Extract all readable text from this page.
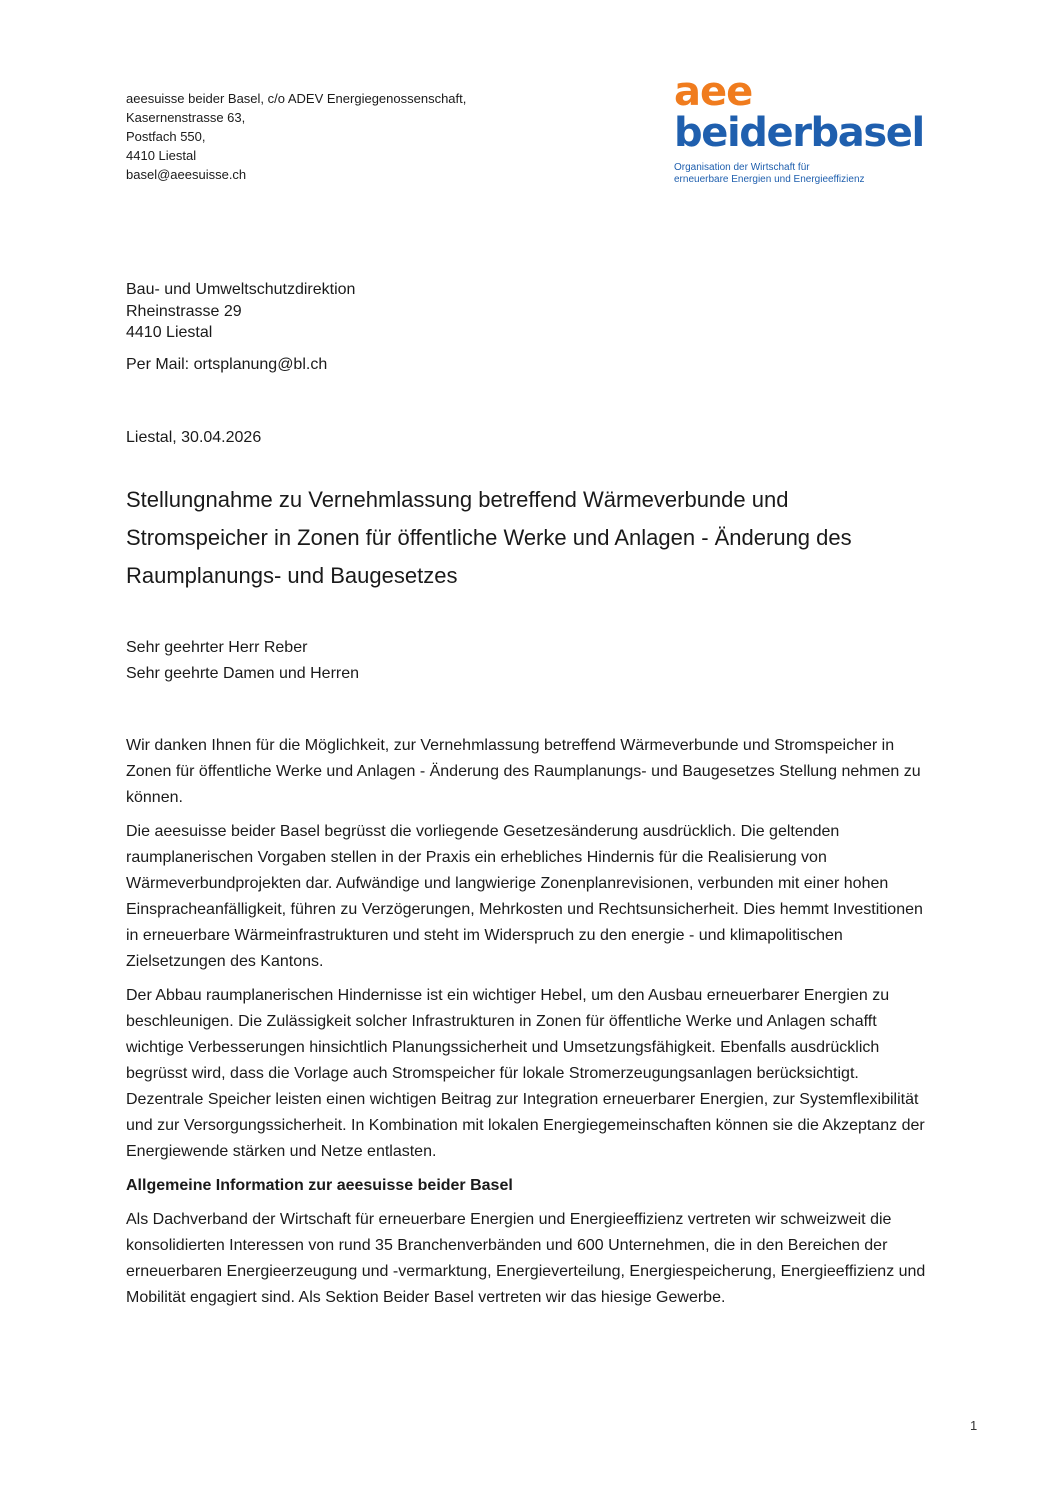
aeesuisse beider Basel, c/o ADEV Energiegenossenschaft,
Kasernenstrasse 63,
Postfach 550,
4410 Liestal
basel@aeesuisse.ch
aee
beiderbasel
Organisation der Wirtschaft für
erneuerbare Energien und Energieeffizienz
Bau- und Umweltschutzdirektion
Rheinstrasse 29
4410 Liestal
Per Mail: ortsplanung@bl.ch
Liestal, 30.04.2026
Stellungnahme zu Vernehmlassung betreffend Wärmeverbunde und Stromspeicher in Zonen für öffentliche Werke und Anlagen - Änderung des Raumplanungs- und Baugesetzes
Sehr geehrter Herr Reber
Sehr geehrte Damen und Herren

Wir danken Ihnen für die Möglichkeit, zur Vernehmlassung betreffend Wärmeverbunde und Stromspeicher in Zonen für öffentliche Werke und Anlagen - Änderung des Raumplanungs- und Baugesetzes Stellung nehmen zu können.

Die aeesuisse beider Basel begrüsst die vorliegende Gesetzesänderung ausdrücklich. Die geltenden raumplanerischen Vorgaben stellen in der Praxis ein erhebliches Hindernis für die Realisierung von Wärmeverbundprojekten dar. Aufwändige und langwierige Zonenplanrevisionen, verbunden mit einer hohen Einspracheanfälligkeit, führen zu Verzögerungen, Mehrkosten und Rechtsunsicherheit. Dies hemmt Investitionen in erneuerbare Wärmeinfrastrukturen und steht im Widerspruch zu den energie - und klimapolitischen Zielsetzungen des Kantons.

Der Abbau raumplanerischen Hindernisse ist ein wichtiger Hebel, um den Ausbau erneuerbarer Energien zu beschleunigen. Die Zulässigkeit solcher Infrastrukturen in Zonen für öffentliche Werke und Anlagen schafft wichtige Verbesserungen hinsichtlich Planungssicherheit und Umsetzungsfähigkeit. Ebenfalls ausdrücklich begrüsst wird, dass die Vorlage auch Stromspeicher für lokale Stromerzeugungsanlagen berücksichtigt. Dezentrale Speicher leisten einen wichtigen Beitrag zur Integration erneuerbarer Energien, zur Systemflexibilität und zur Versorgungssicherheit. In Kombination mit lokalen Energiegemeinschaften können sie die Akzeptanz der Energiewende stärken und Netze entlasten.

Allgemeine Information zur aeesuisse beider Basel

Als Dachverband der Wirtschaft für erneuerbare Energien und Energieeffizienz vertreten wir schweizweit die konsolidierten Interessen von rund 35 Branchenverbänden und 600 Unternehmen, die in den Bereichen der erneuerbaren Energieerzeugung und -vermarktung, Energieverteilung, Energiespeicherung, Energieeffizienz und Mobilität engagiert sind. Als Sektion Beider Basel vertreten wir das hiesige Gewerbe.

1
